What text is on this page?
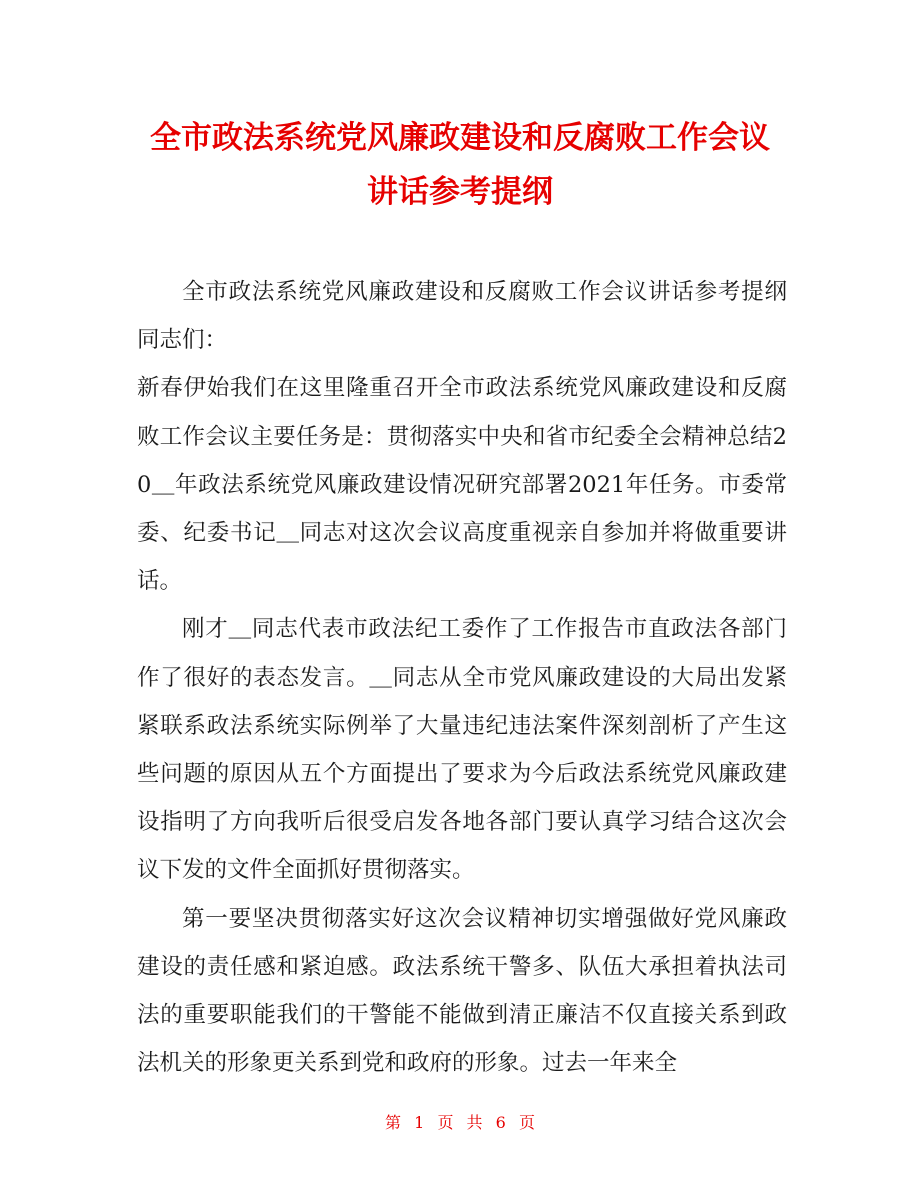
全市政法系统党风廉政建设和反腐败工作会议
讲话参考提纲

全市政法系统党风廉政建设和反腐败工作会议讲话参考提纲　同志们：

新春伊始我们在这里隆重召开全市政法系统党风廉政建设和反腐败工作会议主要任务是：贯彻落实中央和省市纪委全会精神总结20＿年政法系统党风廉政建设情况研究部署2021年任务。市委常委、纪委书记＿同志对这次会议高度重视亲自参加并将做重要讲话。

刚才＿同志代表市政法纪工委作了工作报告市直政法各部门作了很好的表态发言。＿同志从全市党风廉政建设的大局出发紧紧联系政法系统实际例举了大量违纪违法案件深刻剖析了产生这些问题的原因从五个方面提出了要求为今后政法系统党风廉政建设指明了方向我听后很受启发各地各部门要认真学习结合这次会议下发的文件全面抓好贯彻落实。

第一要坚决贯彻落实好这次会议精神切实增强做好党风廉政建设的责任感和紧迫感。政法系统干警多、队伍大承担着执法司法的重要职能我们的干警能不能做到清正廉洁不仅直接关系到政法机关的形象更关系到党和政府的形象。过去一年来全

第 1 页 共 6 页
